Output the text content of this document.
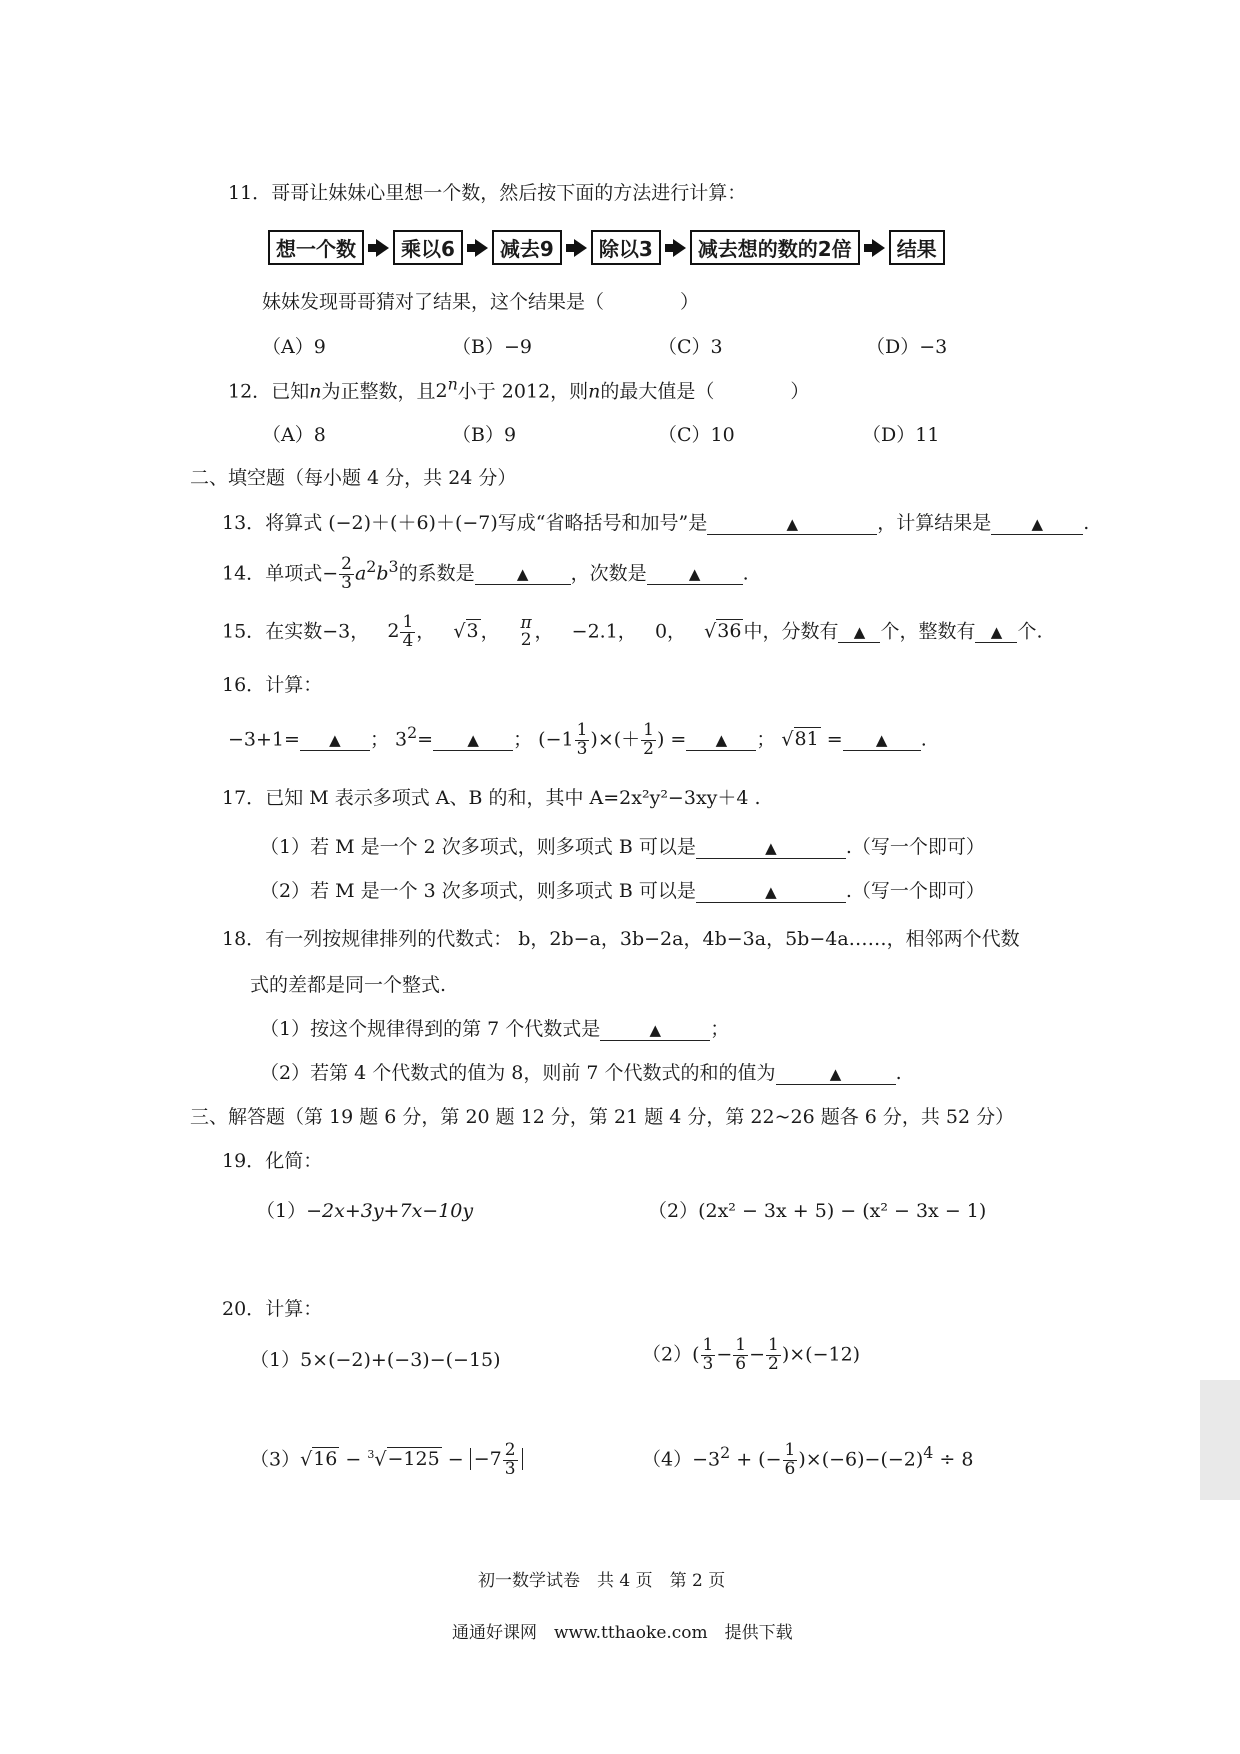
11．哥哥让妹妹心里想一个数，然后按下面的方法进行计算：
想一个数	乘以6	减去9	除以3	减去想的数的2倍	结果
妹妹发现哥哥猜对了结果，这个结果是（　　　　）
（A）9	（B）−9	（C）3	（D）−3
12．已知n为正整数，且2$^n$小于 2012，则n的最大值是（　　　　）
（A）8	（B）9	（C）10	（D）11
二、填空题（每小题 4 分，共 24 分）
13．将算式 (−2)＋(＋6)＋(−7)写成“省略括号和加号”是	▲	，计算结果是	▲ .
14．单项式− $\frac{2}{3} a^2b^3$的系数是	▲ ，次数是	▲ .
15．在实数−3， $2 \frac{1}{4}$ ，   √3 ， π
2 ，   −2.1， 0， √36 中，分数有 ▲ 个，整数有 ▲ 个.
16．计算：
−3+1= ▲ ； $3^2=$ ▲ ； ($-1 \frac{1}{3}$ )×(＋ $\frac{1}{2}$ ) = ▲ ； √81 = ▲ .
17．已知 M 表示多项式 A、B 的和，其中 A=2x²y²−3xy＋4 .
（1）若 M 是一个 2 次多项式，则多项式 B 可以是	▲	.（写一个即可）
（2）若 M 是一个 3 次多项式，则多项式 B 可以是	▲	.（写一个即可）
18．有一列按规律排列的代数式： b，2b−a，3b−2a，4b−3a，5b−4a……，相邻两个代数
式的差都是同一个整式.
（1）按这个规律得到的第 7 个代数式是	▲	；
（2）若第 4 个代数式的值为 8，则前 7 个代数式的和的值为	▲	.
三、解答题（第 19 题 6 分，第 20 题 12 分，第 21 题 4 分，第 22~26 题各 6 分，共 52 分）
19．化简：
（1）−2x+3y+7x−10y	（2）(2x² − 3x + 5) − (x² − 3x − 1)
20．计算：
（1）5×(−2)+(−3)−(−15)	$(2)( \frac{1}{3} - \frac{1}{6} - \frac{1}{2} )\times(-12)$
$(3)√16 - ^3√-125 - -7 \frac{2}{3}$	$(4)-3^2$ + (− $\frac{1}{6} )\times(-6)-(-2)^4 \div 8$
初一数学试卷　共 4 页　第 2 页
通通好课网　www.tthaoke.com　提供下载
